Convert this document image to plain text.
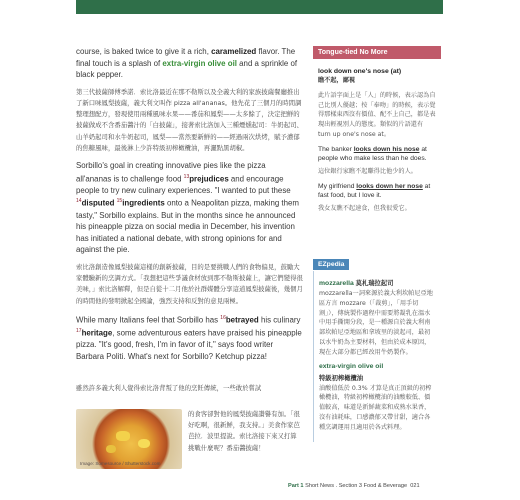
course, is baked twice to give it a rich, caramelized flavor. The final touch is a splash of extra-virgin olive oil and a sprinkle of black pepper.

第三代披薩師傅季諾．索比洛最近在那不勒斯以及全義大利的家族披薩餐廳推出了新口味鳳梨披薩，義大利文叫作 pizza all'ananas。他先花了三個月的時間調整理想配方，發現使用兩種風味水果——番茄和鳳梨——太多餘了，決定把鮮的披薩做成不含番茄醬汁的「白披薩」，接著索比洛加入三種煙燻起司：牛奶起司、山羊奶起司和水牛奶起司，鳳梨——當然要新鮮的——經過兩次烘烤，賦予濃郁的焦糖風味，最後淋上少許特級初榨橄欖油，再灑點黑胡椒。

Sorbillo's goal in creating innovative pies like the pizza all'ananas is to challenge food $^{13}$prejudices and encourage people to try new culinary experiences. "I wanted to put these $^{14}$disputed $^{15}$ingredients onto a Neapolitan pizza, making them tasty," Sorbillo explains. But in the months since he announced his pineapple pizza on social media in December, his invention has initiated a national debate, with strong opinions for and against the pie.

索比洛創造像鳳梨披薩這樣的創新披薩，目的是要挑戰人們的食物偏見，鼓勵大家體驗新的烹調方式。「我想把這些爭議食材放到那不勒斯披薩上，讓它們變得很美味，」索比洛解釋，但是自從十二月他於社群媒體分享這道鳳梨披薩後，幾個月的時間他的發明掀起全國論，強烈支持和反對的意見兩極。

While many Italians feel that Sorbillo has $^{16}$betrayed his culinary $^{17}$heritage, some adventurous eaters have praised his pineapple pizza. "It's good, fresh, I'm in favor of it," says food writer Barbara Politi. What's next for Sorbillo? Ketchup pizza!

雖然許多義大利人覺得索比洛背叛了他的烹飪傳統，一些敢於嘗試

Image: Somesource / Shutterstock.com

的食客卻對他的鳳梨披薩讚譽有加。「很好吃啊，很新鮮，我支持。」美食作家芭芭拉．波里提說。索比洛接下來又打算挑戰什麼呢？番茄醬披薩！

Tongue-tied No More
look down one's nose (at)
瞧不起，鄙視
此片語字面上是「人」的時候，表示認為自己比別人優越；按「奉吻」的時候，表示覺得那樣東西沒有價值、配不上自己，都是表現出輕視別人的態度。類似的片語還有 turn up one's nose at。
The banker looks down his nose at people who make less than he does.
這位銀行家瞧不起賺得比他少的人。
My girlfriend looks down her nose at fast food, but I love it.
我女友瞧不起速食，但我很愛它。
EZpedia
mozzarella 莫札瑞拉起司
mozzarella一詞來源於義大利坎帕尼亞地區方言 mozzare（「裁剪」，「用手切割」），傳統製作過程中需要將凝乳在溫水中用手撕開分段，是一種源自於義大利南部坎帕尼亞地區和拿坡里的淡起司，最初以水牛奶為主要材料，但由於成本原因，現在大部分都已經改用牛奶製作。
extra-virgin olive oil
特級初榨橄欖油
油酸值低於 0.3% 才算是真正頂級的初榨橄欖油，特級初榨橄欖油的油酸較低、價值較高，味道是新鮮蔬菜和成熟水果香，沒有油耗味，口感濃郁又帶甘甜，適合各種烹調運用且適用於各式料理。
Part 1 Short News . Section 3 Food & Beverage 021
